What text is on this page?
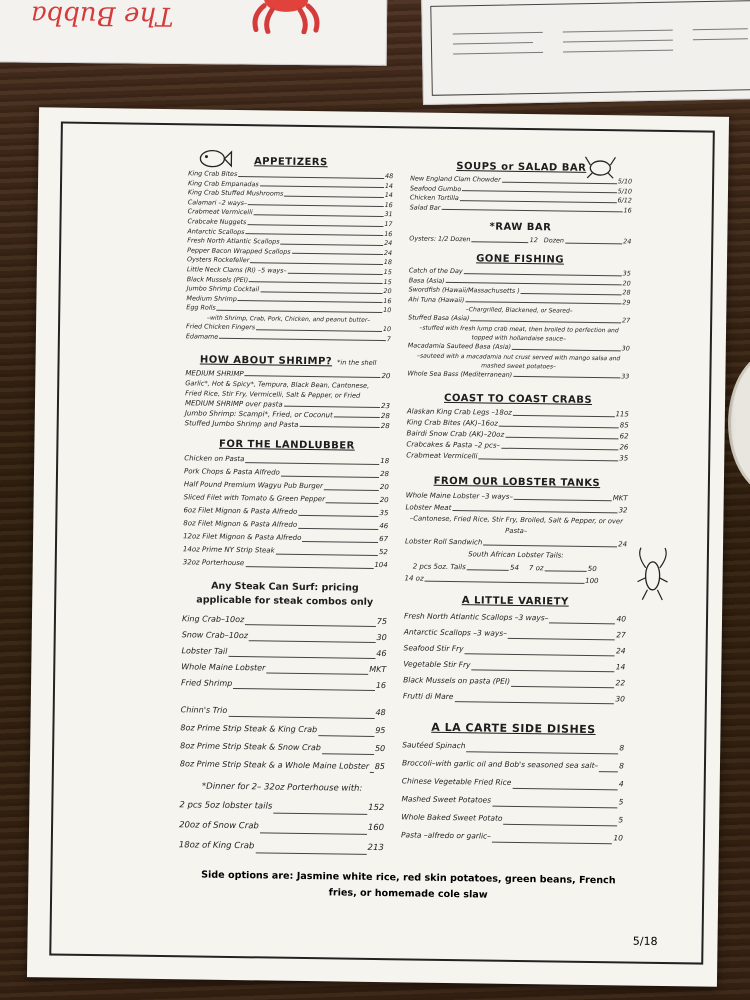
The Bubba
APPETIZERS
King Crab Bites	48
King Crab Empanadas	14
King Crab Stuffed Mushrooms	14
Calamari –2 ways–	16
Crabmeat Vermicelli	31
Crabcake Nuggets	17
Antarctic Scallops	16
Fresh North Atlantic Scallops	24
Pepper Bacon Wrapped Scallops	24
Oysters Rockefeller	18
Little Neck Clams (RI) –5 ways–	15
Black Mussels (PEI)	15
Jumbo Shrimp Cocktail	20
Medium Shrimp	16
Egg Rolls	10
–with Shrimp, Crab, Pork, Chicken, and peanut butter–
Fried Chicken Fingers	10
Edamame	7
HOW ABOUT SHRIMP? *in the shell
MEDIUM SHRIMP	20
Garlic*, Hot & Spicy*, Tempura, Black Bean, Cantonese,
Fried Rice, Stir Fry, Vermicelli, Salt & Pepper, or Fried
MEDIUM SHRIMP over pasta	23
Jumbo Shrimp: Scampi*, Fried, or Coconut	28
Stuffed Jumbo Shrimp and Pasta	28
FOR THE LANDLUBBER
Chicken on Pasta	18
Pork Chops & Pasta Alfredo	28
Half Pound Premium Wagyu Pub Burger	20
Sliced Filet with Tomato & Green Pepper	20
6oz Filet Mignon & Pasta Alfredo	35
8oz Filet Mignon & Pasta Alfredo	46
12oz Filet Mignon & Pasta Alfredo	67
14oz Prime NY Strip Steak	52
32oz Porterhouse	104
Any Steak Can Surf: pricing applicable for steak combos only
King Crab–10oz	75
Snow Crab–10oz	30
Lobster Tail	46
Whole Maine Lobster	MKT
Fried Shrimp	16
Chinn's Trio	48
8oz Prime Strip Steak & King Crab	95
8oz Prime Strip Steak & Snow Crab	50
8oz Prime Strip Steak & a Whole Maine Lobster 85
*Dinner for 2– 32oz Porterhouse with:
2 pcs 5oz lobster tails	152
20oz of Snow Crab	160
18oz of King Crab	213
SOUPS or SALAD BAR
New England Clam Chowder	5/10
Seafood Gumbo	5/10
Chicken Tortilla	6/12
Salad Bar	16
*RAW BAR
Oysters: 1/2 Dozen	12 Dozen	24
GONE FISHING
Catch of the Day	35
Basa (Asia)	20
Swordfish (Hawaii/Massachusetts )	28
Ahi Tuna (Hawaii)	29
–Chargrilled, Blackened, or Seared–
Stuffed Basa (Asia)	27
–stuffed with fresh lump crab meat, then broiled to perfection and topped with hollandaise sauce–
Macadamia Sauteed Basa (Asia)	30
–sauteed with a macadamia nut crust served with mango salsa and mashed sweet potatoes–
Whole Sea Bass (Mediterranean)	33
COAST TO COAST CRABS
Alaskan King Crab Legs –18oz	115
King Crab Bites (AK)–16oz	85
Bairdi Snow Crab (AK)–20oz	62
Crabcakes & Pasta –2 pcs–	26
Crabmeat Vermicelli	35
FROM OUR LOBSTER TANKS
Whole Maine Lobster –3 ways–	MKT
Lobster Meat	32
–Cantonese, Fried Rice, Stir Fry, Broiled, Salt & Pepper, or over Pasta–
Lobster Roll Sandwich	24
South African Lobster Tails:
2 pcs 5oz. Tails	54 7 oz	50
14 oz	100
A LITTLE VARIETY
Fresh North Atlantic Scallops –3 ways–	40
Antarctic Scallops –3 ways–	27
Seafood Stir Fry	24
Vegetable Stir Fry	14
Black Mussels on pasta (PEI)	22
Frutti di Mare	30
A LA CARTE SIDE DISHES
Sautéed Spinach	8
Broccoli–with garlic oil and Bob's seasoned sea salt–	8
Chinese Vegetable Fried Rice	4
Mashed Sweet Potatoes	5
Whole Baked Sweet Potato	5
Pasta –alfredo or garlic–	10
Side options are: Jasmine white rice, red skin potatoes, green beans, French fries, or homemade cole slaw
5/18
